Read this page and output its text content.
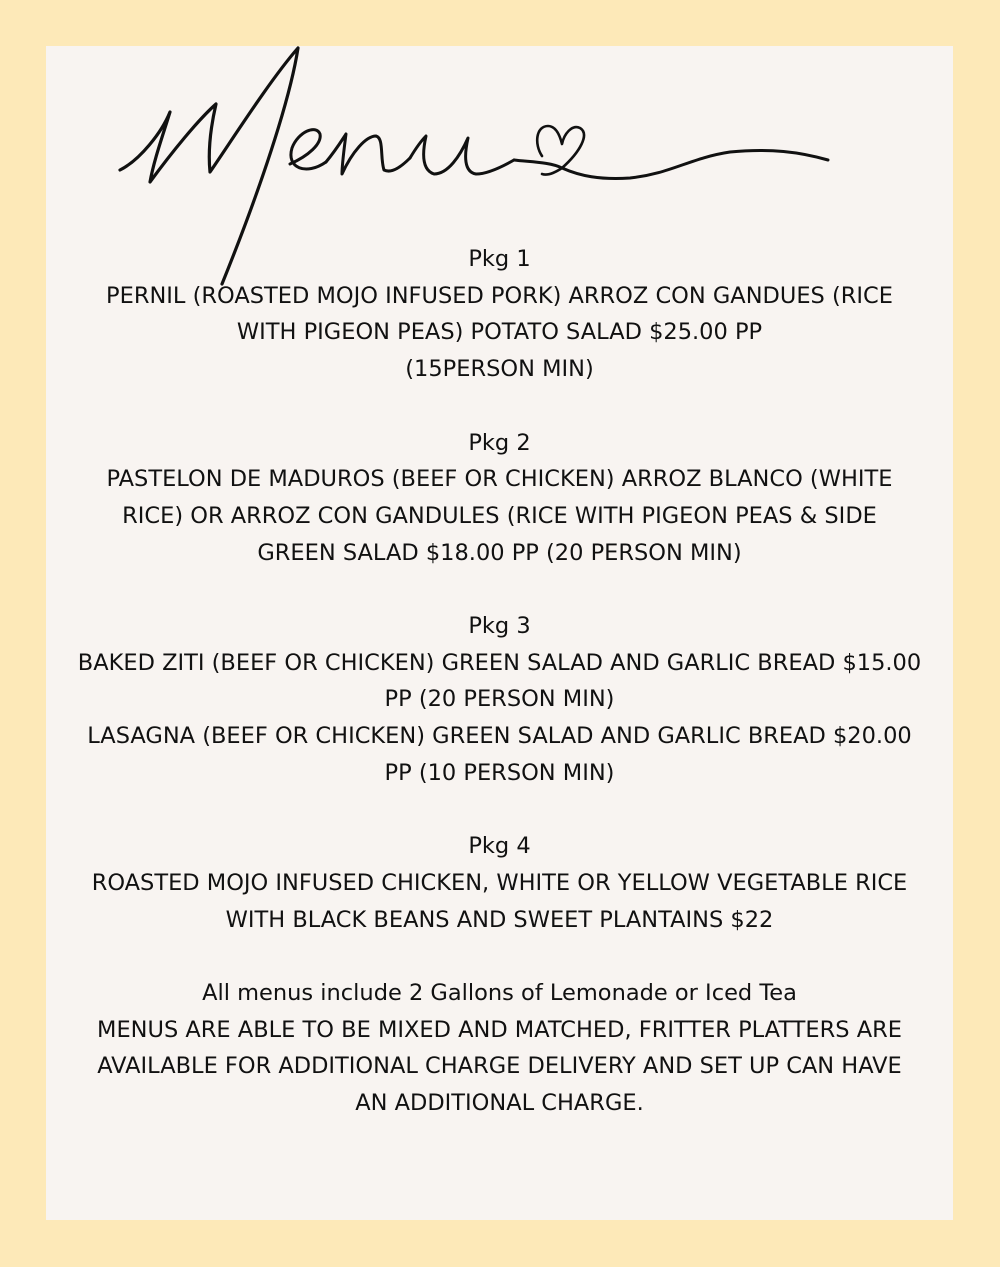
Pkg 1
PERNIL (ROASTED MOJO INFUSED PORK) ARROZ CON GANDUES (RICE
WITH PIGEON PEAS) POTATO SALAD $25.00 PP
(15PERSON MIN)
Pkg 2
PASTELON DE MADUROS (BEEF OR CHICKEN) ARROZ BLANCO (WHITE
RICE) OR ARROZ CON GANDULES (RICE WITH PIGEON PEAS & SIDE
GREEN SALAD $18.00 PP (20 PERSON MIN)
Pkg 3
BAKED ZITI (BEEF OR CHICKEN) GREEN SALAD AND GARLIC BREAD $15.00
PP (20 PERSON MIN)
LASAGNA (BEEF OR CHICKEN) GREEN SALAD AND GARLIC BREAD $20.00
PP (10 PERSON MIN)
Pkg 4
ROASTED MOJO INFUSED CHICKEN, WHITE OR YELLOW VEGETABLE RICE
WITH BLACK BEANS AND SWEET PLANTAINS $22
All menus include 2 Gallons of Lemonade or Iced Tea
MENUS ARE ABLE TO BE MIXED AND MATCHED, FRITTER PLATTERS ARE
AVAILABLE FOR ADDITIONAL CHARGE DELIVERY AND SET UP CAN HAVE
AN ADDITIONAL CHARGE.
